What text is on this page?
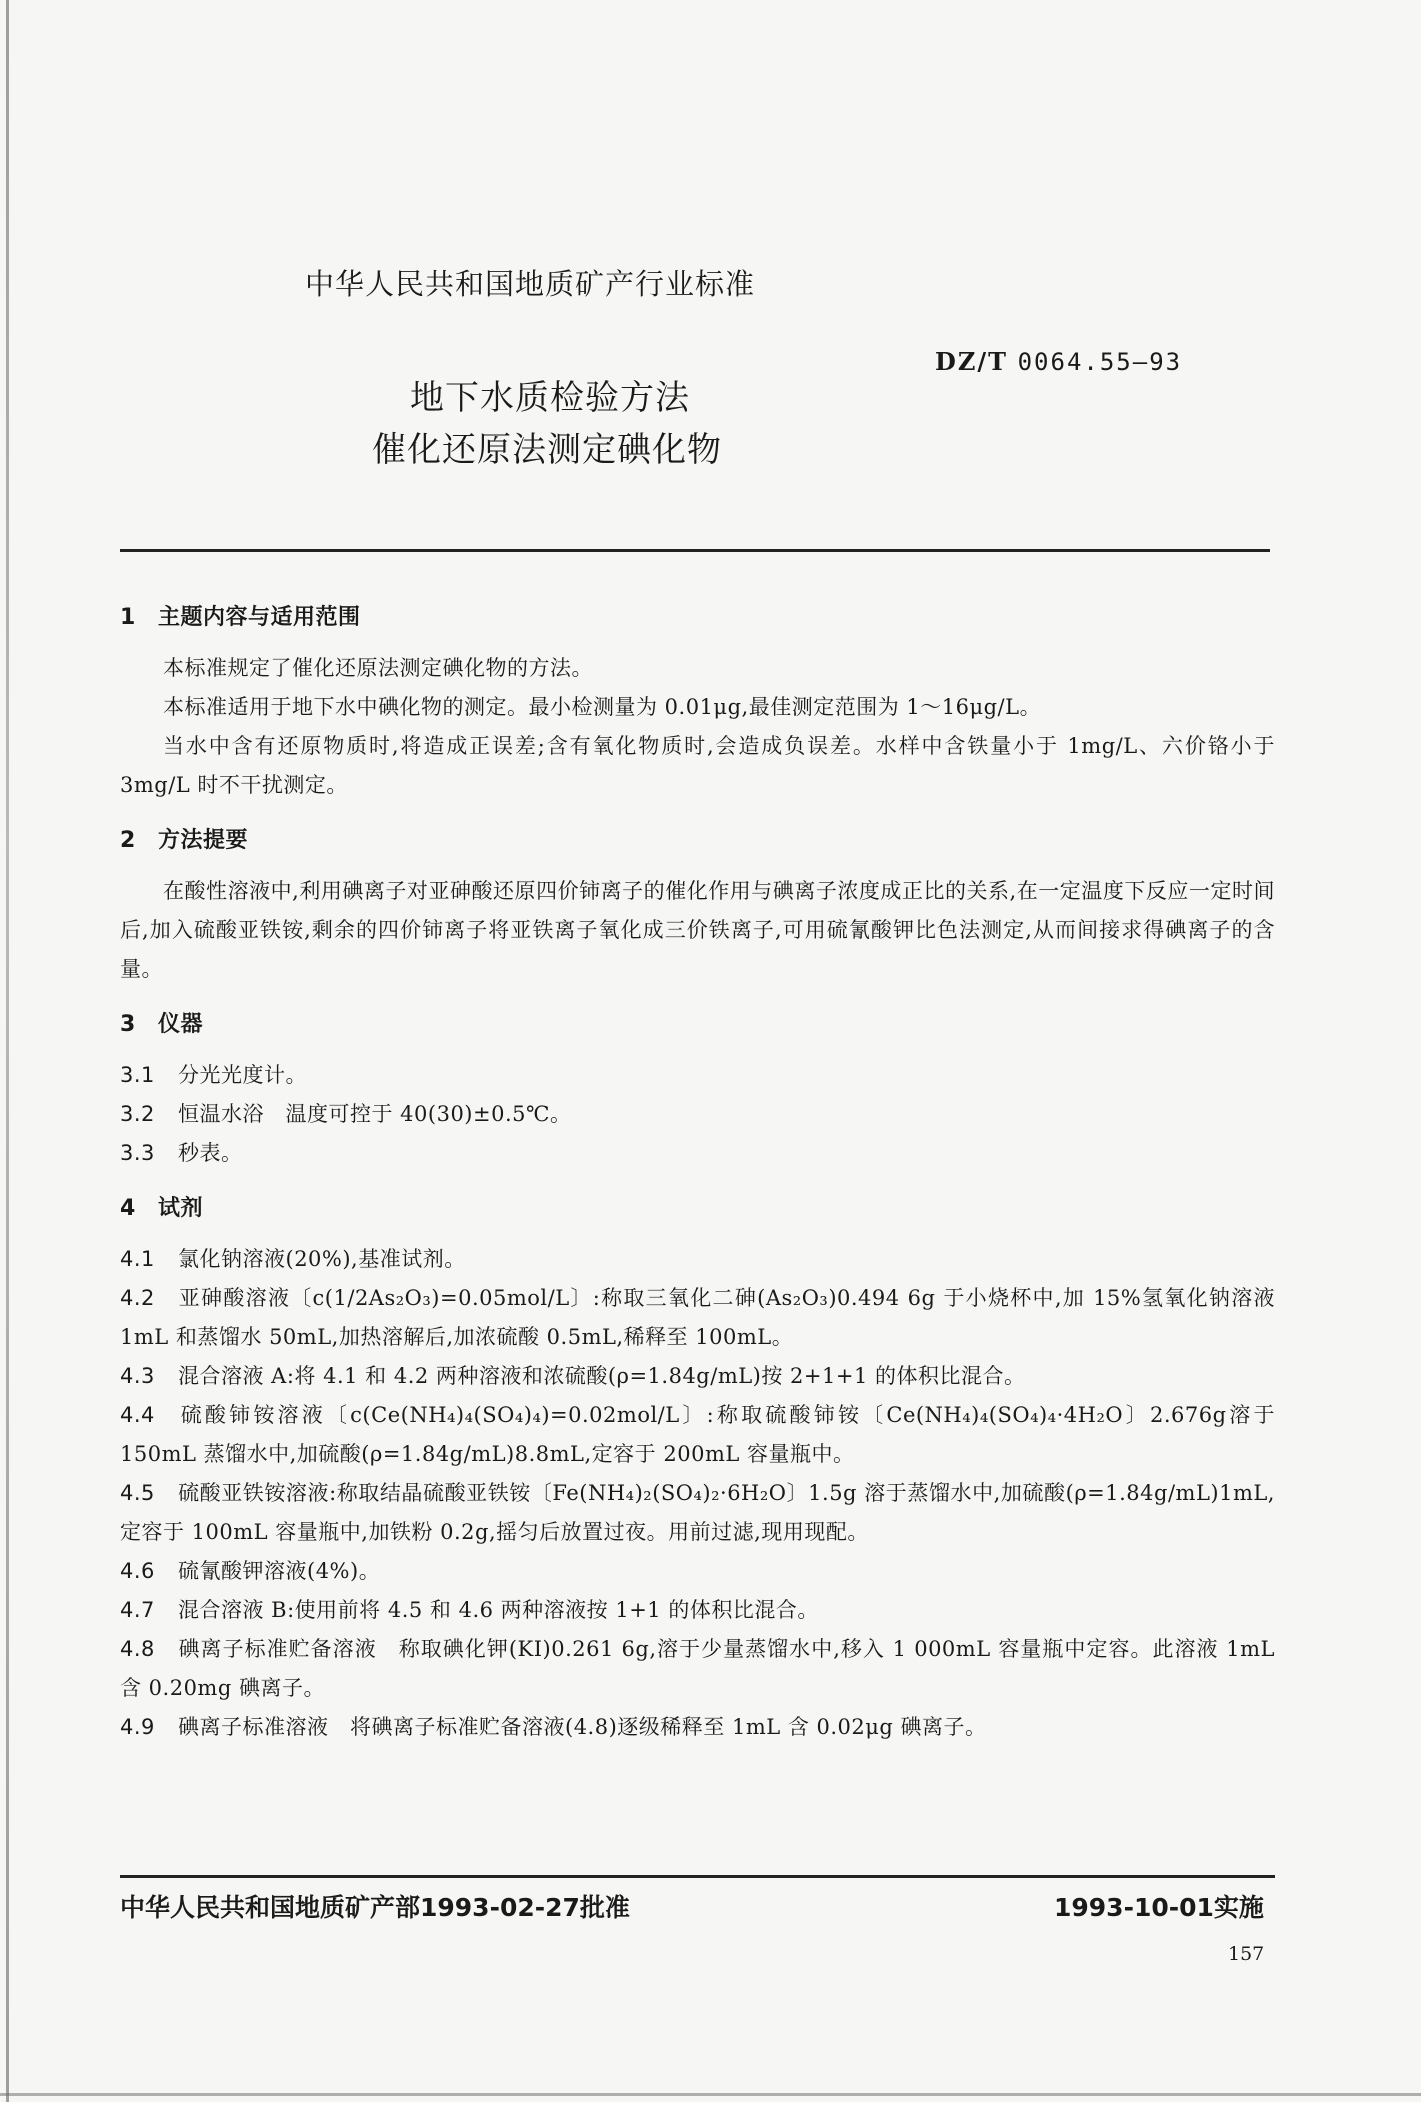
中华人民共和国地质矿产行业标准
DZ/T 0064.55—93
地下水质检验方法
催化还原法测定碘化物

1 主题内容与适用范围

本标准规定了催化还原法测定碘化物的方法。

本标准适用于地下水中碘化物的测定。最小检测量为 0.01μg,最佳测定范围为 1～16μg/L。

当水中含有还原物质时,将造成正误差;含有氧化物质时,会造成负误差。水样中含铁量小于 1mg/L、六价铬小于 3mg/L 时不干扰测定。

2 方法提要

在酸性溶液中,利用碘离子对亚砷酸还原四价铈离子的催化作用与碘离子浓度成正比的关系,在一定温度下反应一定时间后,加入硫酸亚铁铵,剩余的四价铈离子将亚铁离子氧化成三价铁离子,可用硫氰酸钾比色法测定,从而间接求得碘离子的含量。

3 仪器

3.1 分光光度计。

3.2 恒温水浴　温度可控于 40(30)±0.5℃。

3.3 秒表。

4 试剂

4.1 氯化钠溶液(20%),基准试剂。

4.2 亚砷酸溶液〔c(1/2As₂O₃)=0.05mol/L〕:称取三氧化二砷(As₂O₃)0.494 6g 于小烧杯中,加 15%氢氧化钠溶液 1mL 和蒸馏水 50mL,加热溶解后,加浓硫酸 0.5mL,稀释至 100mL。

4.3 混合溶液 A:将 4.1 和 4.2 两种溶液和浓硫酸(ρ=1.84g/mL)按 2+1+1 的体积比混合。

4.4 硫酸铈铵溶液〔c(Ce(NH₄)₄(SO₄)₄)=0.02mol/L〕:称取硫酸铈铵〔Ce(NH₄)₄(SO₄)₄·4H₂O〕2.676g溶于 150mL 蒸馏水中,加硫酸(ρ=1.84g/mL)8.8mL,定容于 200mL 容量瓶中。

4.5 硫酸亚铁铵溶液:称取结晶硫酸亚铁铵〔Fe(NH₄)₂(SO₄)₂·6H₂O〕1.5g 溶于蒸馏水中,加硫酸(ρ=1.84g/mL)1mL,定容于 100mL 容量瓶中,加铁粉 0.2g,摇匀后放置过夜。用前过滤,现用现配。

4.6 硫氰酸钾溶液(4%)。

4.7 混合溶液 B:使用前将 4.5 和 4.6 两种溶液按 1+1 的体积比混合。

4.8 碘离子标准贮备溶液　称取碘化钾(KI)0.261 6g,溶于少量蒸馏水中,移入 1 000mL 容量瓶中定容。此溶液 1mL 含 0.20mg 碘离子。

4.9 碘离子标准溶液　将碘离子标准贮备溶液(4.8)逐级稀释至 1mL 含 0.02μg 碘离子。

中华人民共和国地质矿产部1993-02-27批准	1993-10-01实施
157
